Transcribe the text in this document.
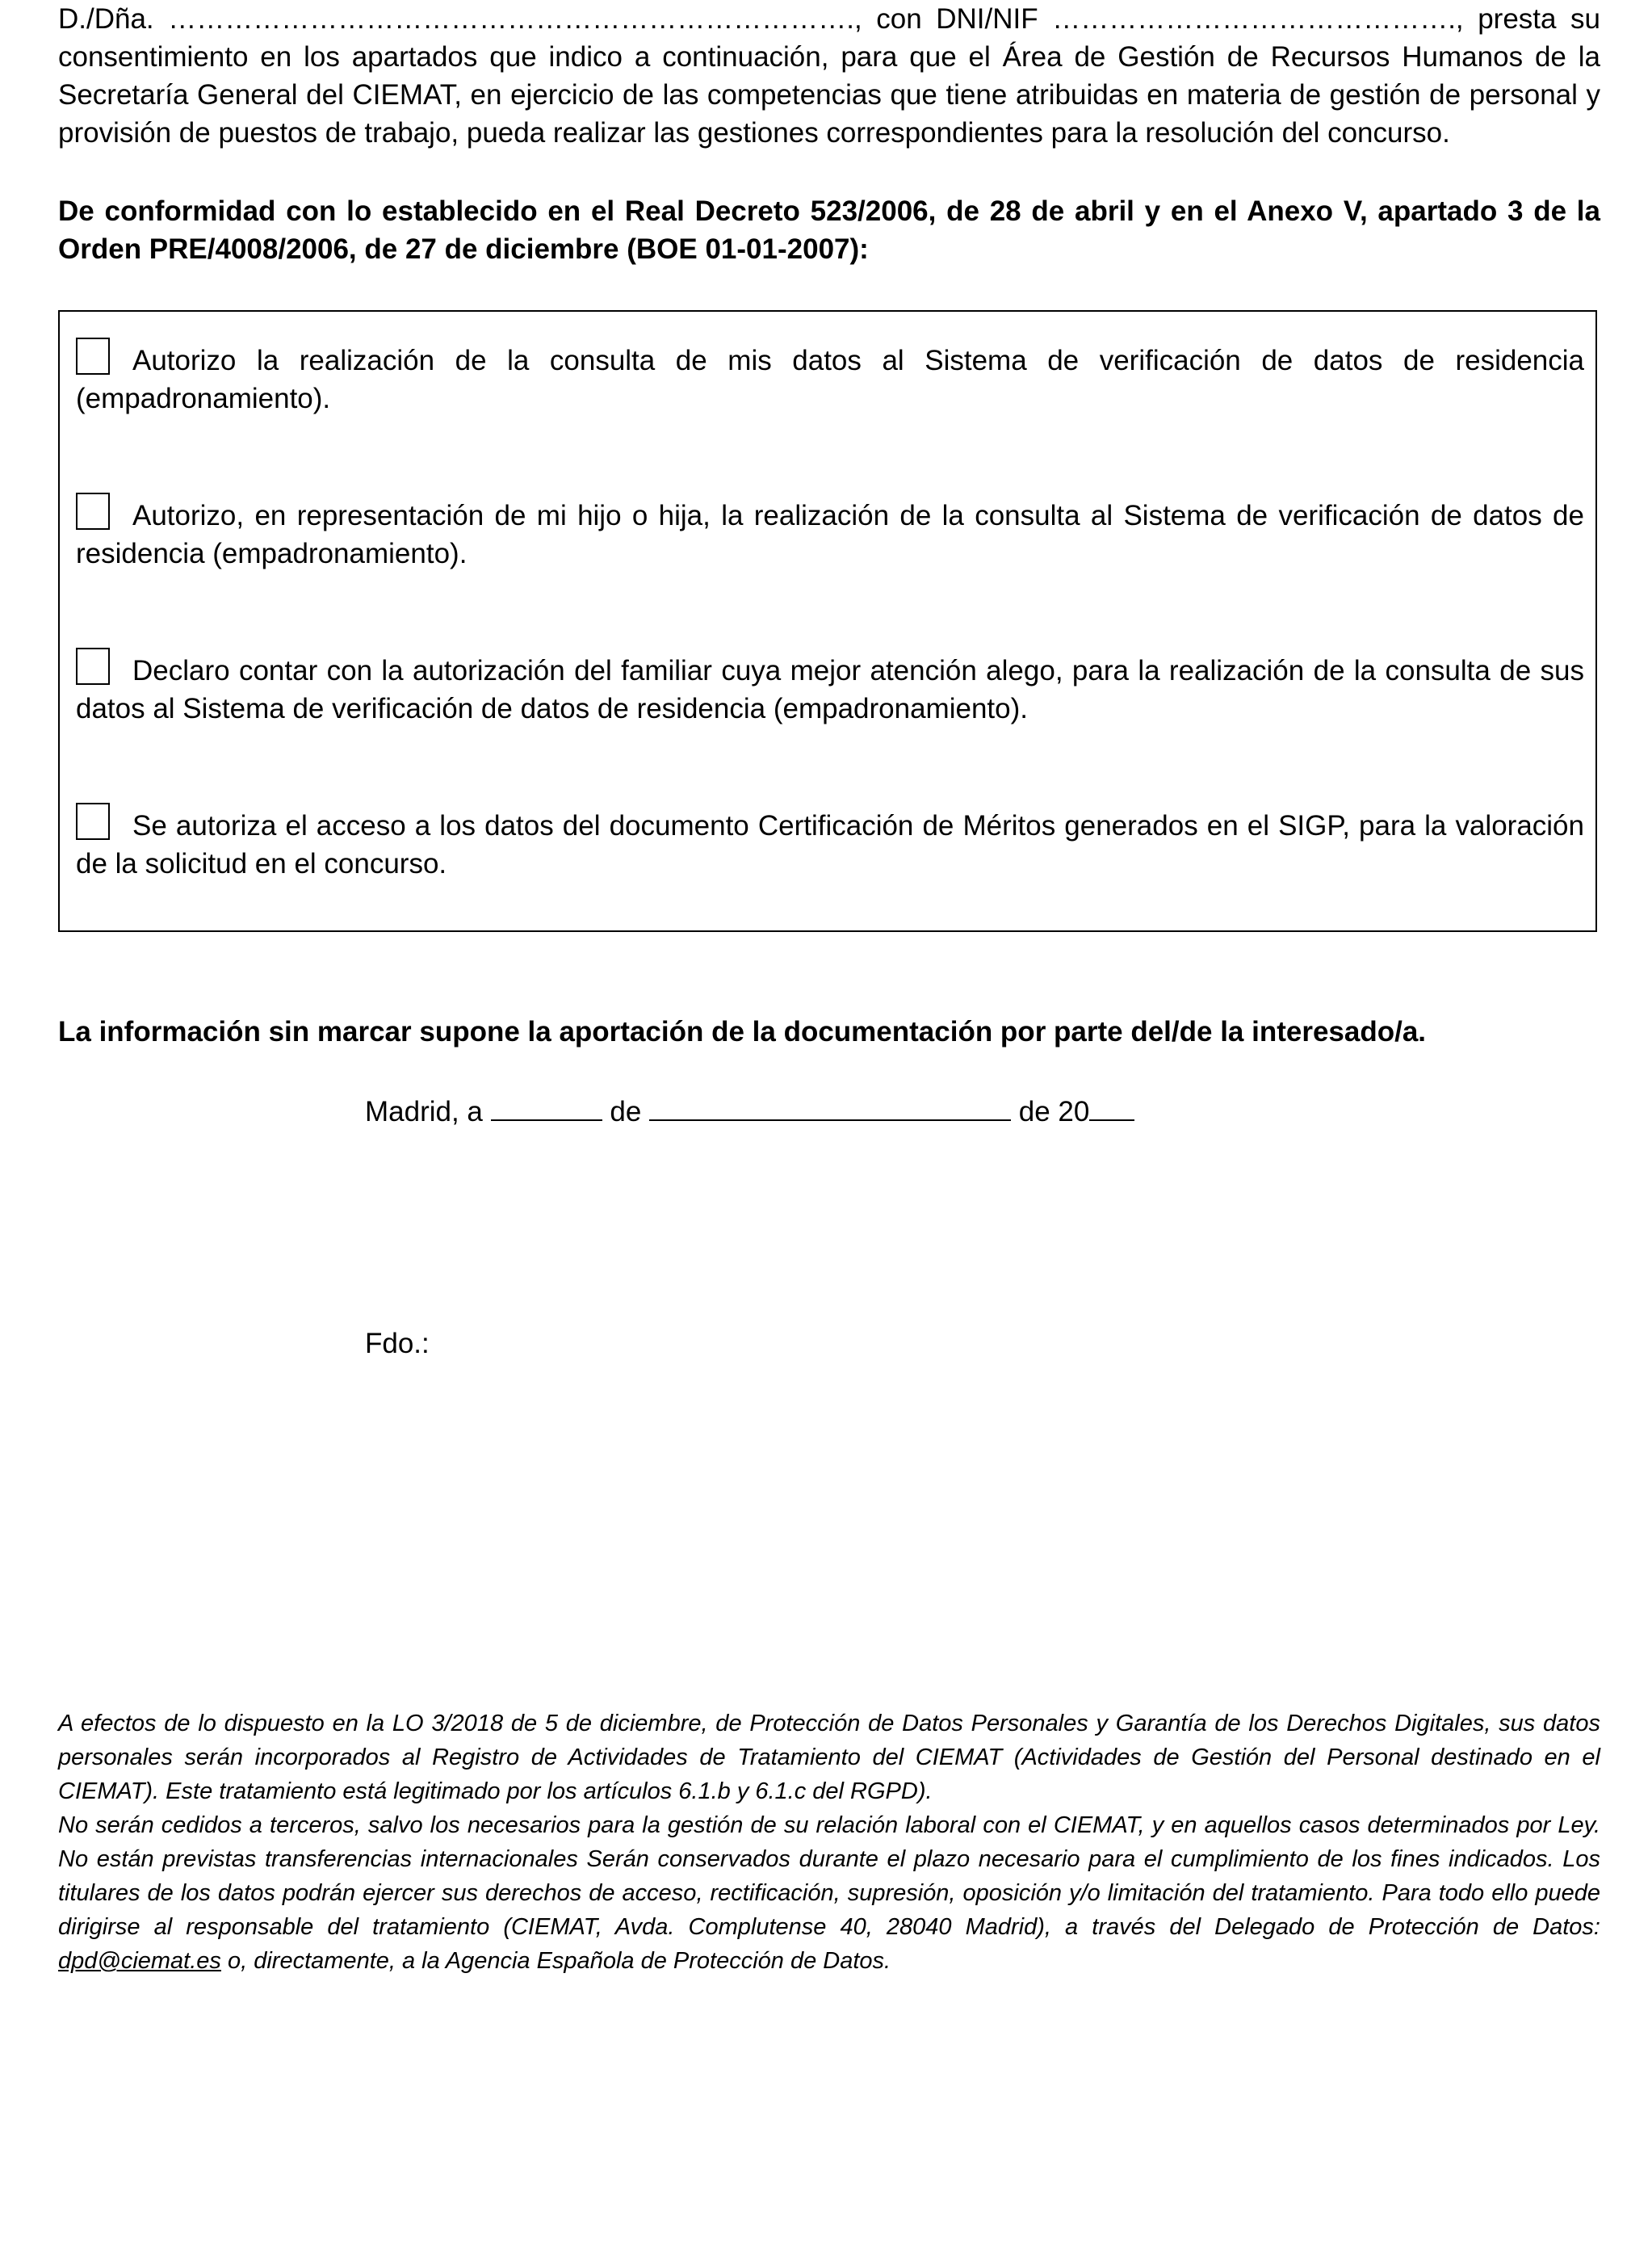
D./Dña. ………………………………………………………………., con DNI/NIF ……………………………………., presta su
consentimiento en los apartados que indico a continuación, para que el Área de Gestión de Recursos Humanos de la Secretaría General del CIEMAT, en ejercicio de las competencias que tiene atribuidas en materia de gestión de personal y provisión de puestos de trabajo, pueda realizar las gestiones correspondientes para la resolución del concurso.
De conformidad con lo establecido en el Real Decreto 523/2006, de 28 de abril y en el Anexo V, apartado 3 de la Orden PRE/4008/2006, de 27 de diciembre (BOE 01-01-2007):
Autorizo la realización de la consulta de mis datos al Sistema de verificación de datos de residencia (empadronamiento).
Autorizo, en representación de mi hijo o hija, la realización de la consulta al Sistema de verificación de datos de residencia (empadronamiento).
Declaro contar con la autorización del familiar cuya mejor atención alego, para la realización de la consulta de sus datos al Sistema de verificación de datos de residencia (empadronamiento).
Se autoriza el acceso a los datos del documento Certificación de Méritos generados en el SIGP, para la valoración de la solicitud en el concurso.
La información sin marcar supone la aportación de la documentación por parte del/de la interesado/a.
Madrid, a	de	de 20
Fdo.:

A efectos de lo dispuesto en la LO 3/2018 de 5 de diciembre, de Protección de Datos Personales y Garantía de los Derechos Digitales, sus datos personales serán incorporados al Registro de Actividades de Tratamiento del CIEMAT (Actividades de Gestión del Personal destinado en el CIEMAT). Este tratamiento está legitimado por los artículos 6.1.b y 6.1.c del RGPD).

No serán cedidos a terceros, salvo los necesarios para la gestión de su relación laboral con el CIEMAT, y en aquellos casos determinados por Ley. No están previstas transferencias internacionales Serán conservados durante el plazo necesario para el cumplimiento de los fines indicados. Los titulares de los datos podrán ejercer sus derechos de acceso, rectificación, supresión, oposición y/o limitación del tratamiento. Para todo ello puede dirigirse al responsable del tratamiento (CIEMAT, Avda. Complutense 40, 28040 Madrid), a través del Delegado de Protección de Datos: dpd@ciemat.es o, directamente, a la Agencia Española de Protección de Datos.
